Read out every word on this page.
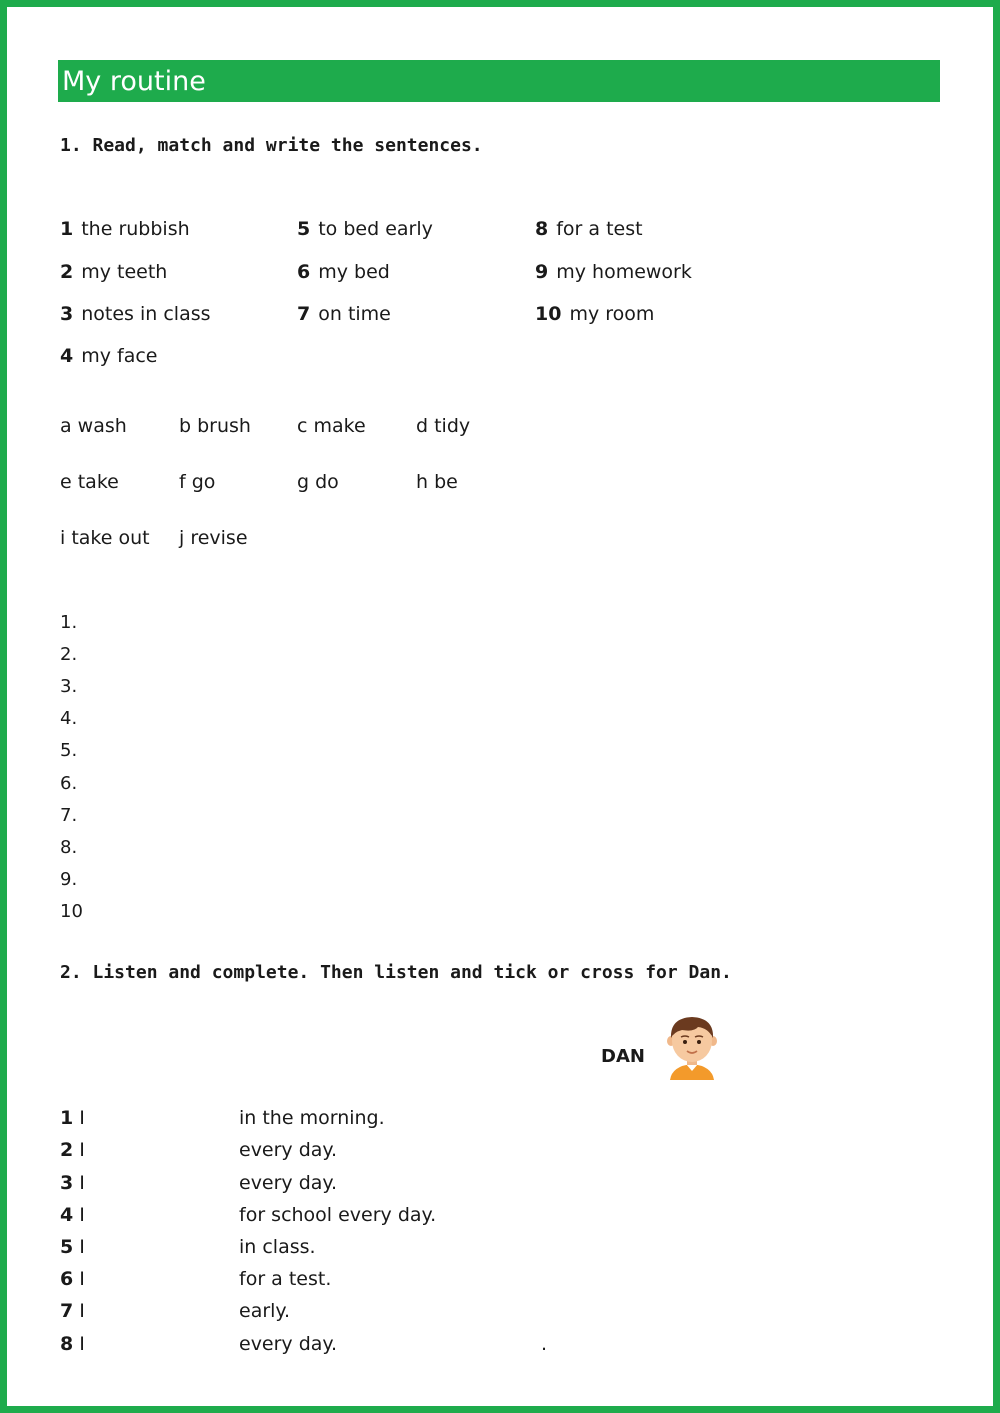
My routine
1. Read, match and write the sentences.
1 the rubbish
2 my teeth
3 notes in class
4 my face
5 to bed early
6 my bed
7 on time
8 for a test
9 my homework
10 my room
a wash	b brush c make	d tidy
e take	f go	g do	h be
i take out j revise
1.
2.
3.
4.
5.
6.
7.
8.
9.
10
2. Listen and complete. Then listen and tick or cross for Dan.
DAN
1 I	in the morning.
2 I	every day.
3 I	every day.
4 I	for school every day.
5 I	in class.
6 I	for a test.
7 I	early.
8 I	every day.	.
